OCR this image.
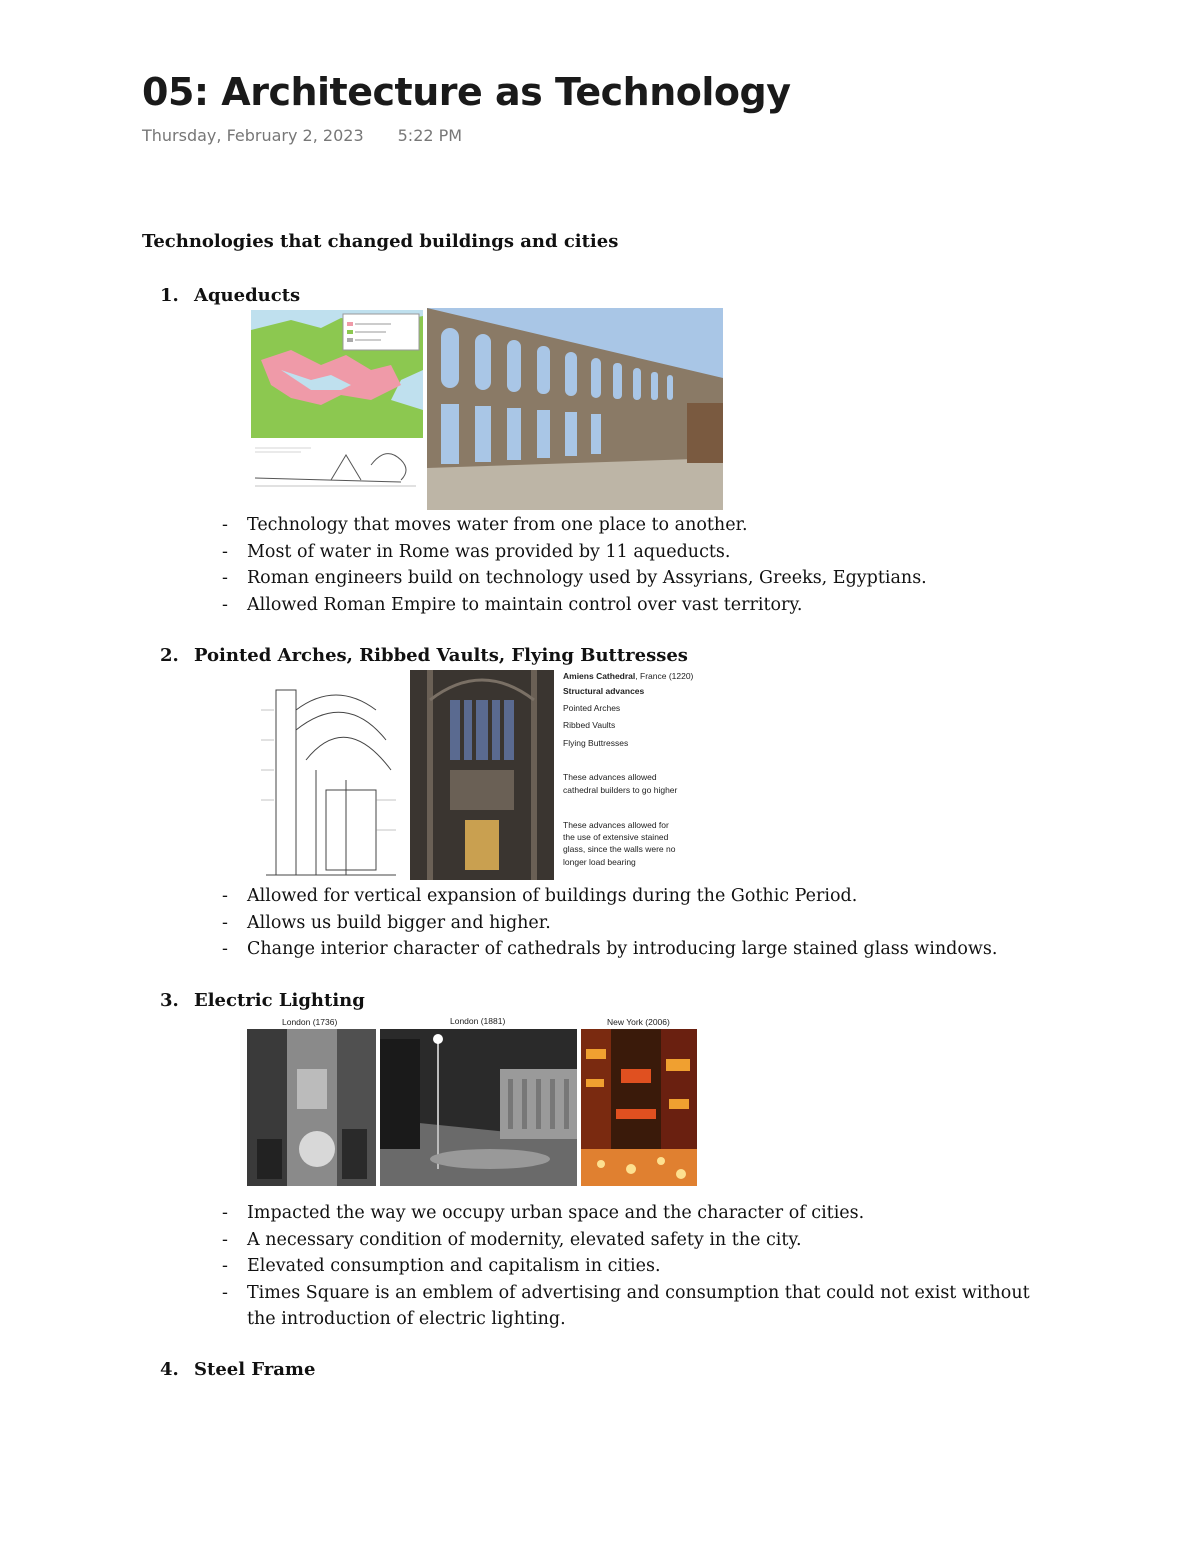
05: Architecture as Technology
Thursday, February 2, 2023 5:22 PM
Technologies that changed buildings and cities
1. Aqueducts
- Technology that moves water from one place to another.
- Most of water in Rome was provided by 11 aqueducts.
- Roman engineers build on technology used by Assyrians, Greeks, Egyptians.
- Allowed Roman Empire to maintain control over vast territory.
2. Pointed Arches, Ribbed Vaults, Flying Buttresses
Amiens Cathedral, France (1220)
Structural advances
Pointed Arches
Ribbed Vaults
Flying Buttresses
These advances allowed
cathedral builders to go higher
These advances allowed for
the use of extensive stained
glass, since the walls were no
longer load bearing
- Allowed for vertical expansion of buildings during the Gothic Period.
- Allows us build bigger and higher.
- Change interior character of cathedrals by introducing large stained glass windows.
3. Electric Lighting
London (1736)	London (1881)	New York (2006)
- Impacted the way we occupy urban space and the character of cities.
- A necessary condition of modernity, elevated safety in the city.
- Elevated consumption and capitalism in cities.
- Times Square is an emblem of advertising and consumption that could not exist without the introduction of electric lighting.
4. Steel Frame
